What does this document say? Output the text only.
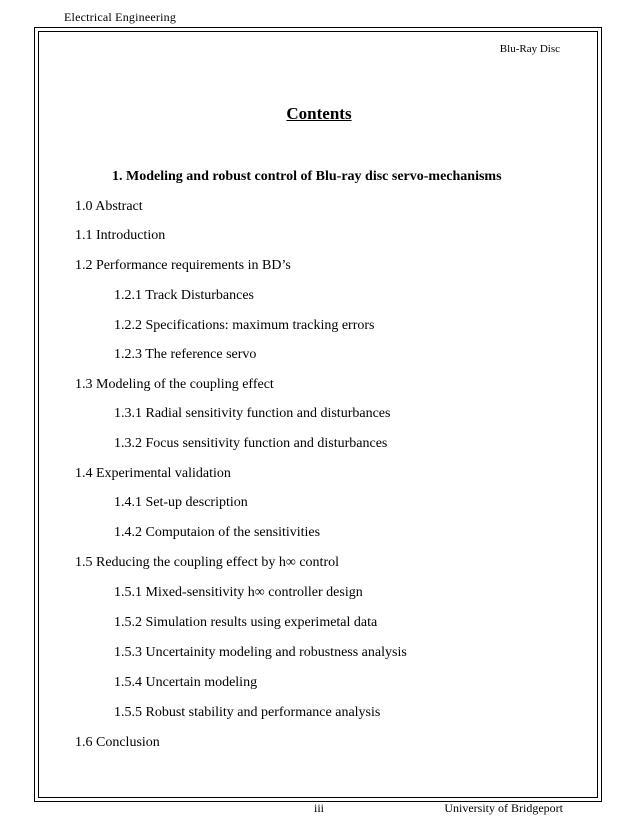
Electrical Engineering
Blu-Ray Disc
Contents
1. Modeling and robust control of Blu-ray disc servo-mechanisms
1.0 Abstract
1.1 Introduction
1.2 Performance requirements in BD’s
1.2.1 Track Disturbances
1.2.2 Specifications: maximum tracking errors
1.2.3 The reference servo
1.3 Modeling of the coupling effect
1.3.1 Radial sensitivity function and disturbances
1.3.2 Focus sensitivity function and disturbances
1.4 Experimental validation
1.4.1 Set-up description
1.4.2 Computaion of the sensitivities
1.5 Reducing the coupling effect by h∞ control
1.5.1 Mixed-sensitivity h∞ controller design
1.5.2 Simulation results using experimetal data
1.5.3 Uncertainity modeling and robustness analysis
1.5.4 Uncertain modeling
1.5.5 Robust stability and performance analysis
1.6 Conclusion
iii	University of Bridgeport
